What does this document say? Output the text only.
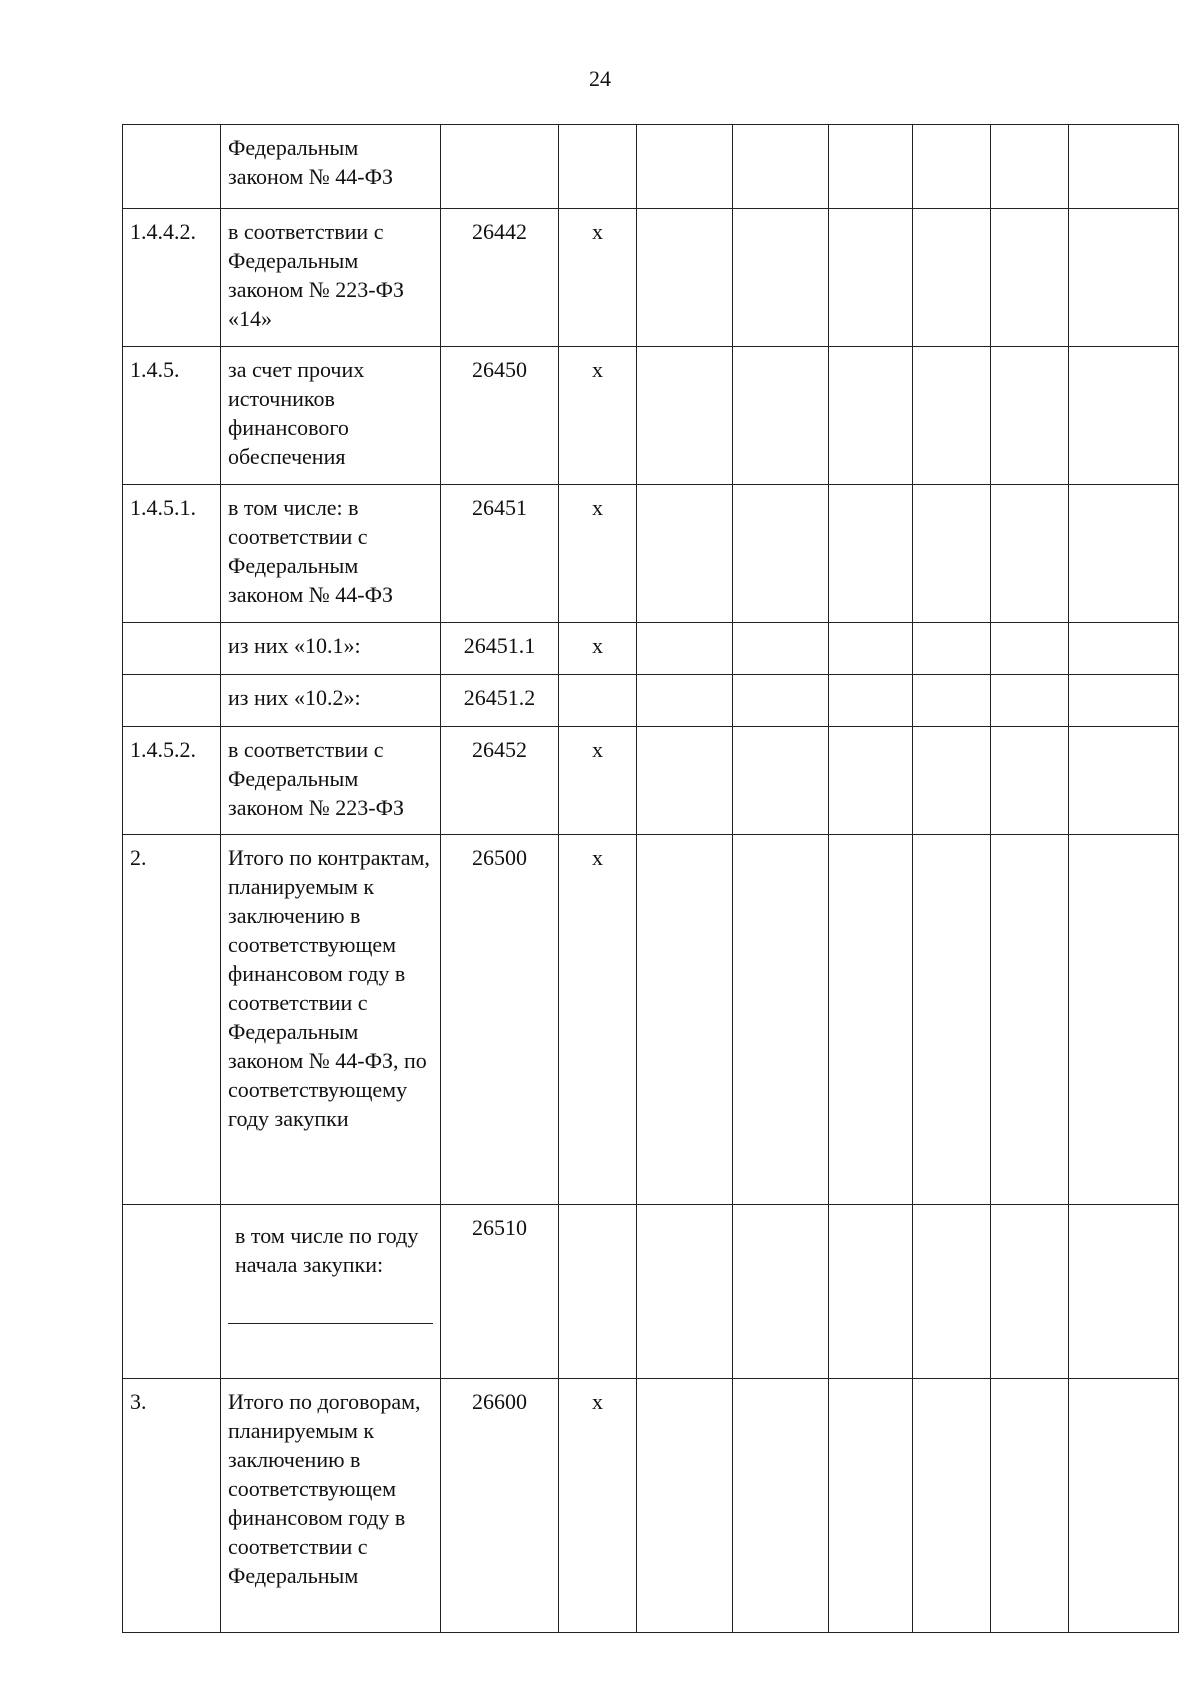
24
	Федеральным законом № 44-ФЗ								
1.4.4.2.	в соответствии с Федеральным законом № 223-ФЗ «14»	26442	х						
1.4.5.	за счет прочих источников финансового обеспечения	26450	х						
1.4.5.1.	в том числе: в соответствии с Федеральным законом № 44-ФЗ	26451	х						
	из них «10.1»:	26451.1	х						
	из них «10.2»:	26451.2							
1.4.5.2.	в соответствии с Федеральным законом № 223-ФЗ	26452	х						
2.	Итого по контрактам, планируемым к заключению в соответствующем финансовом году в соответствии с Федеральным законом № 44-ФЗ, по соответствующему году закупки	26500	х						

	в том числе по году начала закупки:	26510							
3.	Итого по договорам, планируемым к заключению в соответствующем финансовом году в соответствии с Федеральным	26600	х						
